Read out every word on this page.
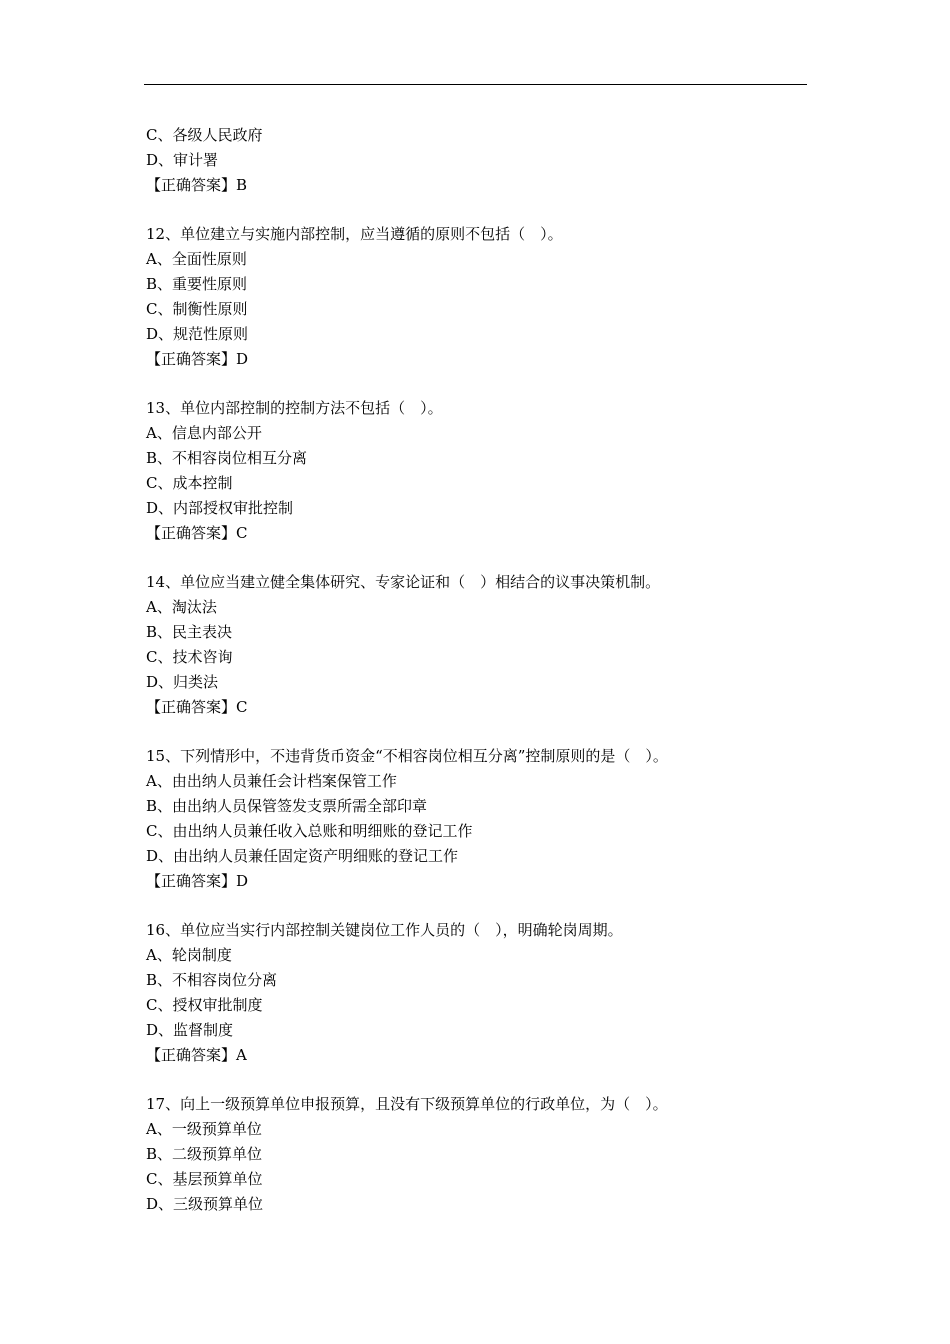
C、各级人民政府
D、审计署
【正确答案】B
12、单位建立与实施内部控制，应当遵循的原则不包括（　）。
A、全面性原则
B、重要性原则
C、制衡性原则
D、规范性原则
【正确答案】D
13、单位内部控制的控制方法不包括（　）。
A、信息内部公开
B、不相容岗位相互分离
C、成本控制
D、内部授权审批控制
【正确答案】C
14、单位应当建立健全集体研究、专家论证和（　）相结合的议事决策机制。
A、淘汰法
B、民主表决
C、技术咨询
D、归类法
【正确答案】C
15、下列情形中，不违背货币资金“不相容岗位相互分离”控制原则的是（　）。
A、由出纳人员兼任会计档案保管工作
B、由出纳人员保管签发支票所需全部印章
C、由出纳人员兼任收入总账和明细账的登记工作
D、由出纳人员兼任固定资产明细账的登记工作
【正确答案】D
16、单位应当实行内部控制关键岗位工作人员的（　），明确轮岗周期。
A、轮岗制度
B、不相容岗位分离
C、授权审批制度
D、监督制度
【正确答案】A
17、向上一级预算单位申报预算，且没有下级预算单位的行政单位，为（　）。
A、一级预算单位
B、二级预算单位
C、基层预算单位
D、三级预算单位
